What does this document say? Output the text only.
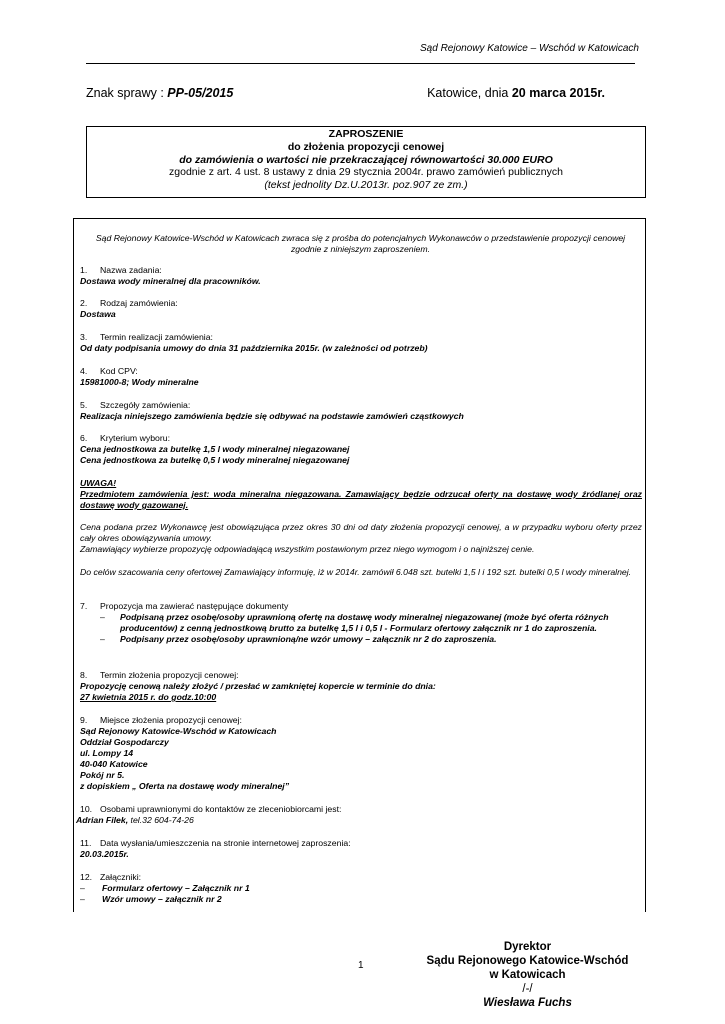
Sąd Rejonowy Katowice – Wschód w Katowicach
Znak sprawy : PP-05/2015	Katowice, dnia 20 marca 2015r.
ZAPROSZENIE
do złożenia propozycji cenowej
do zamówienia o wartości nie przekraczającej równowartości 30.000 EURO
zgodnie z art. 4 ust. 8 ustawy z dnia 29 stycznia 2004r. prawo zamówień publicznych
(tekst jednolity Dz.U.2013r. poz.907 ze zm.)
Sąd Rejonowy Katowice-Wschód w Katowicach zwraca się z prośba do potencjalnych Wykonawców o przedstawienie propozycji cenowej zgodnie z niniejszym zaproszeniem.
1. Nazwa zadania:
Dostawa wody mineralnej dla pracowników.
2. Rodzaj zamówienia:
Dostawa
3. Termin realizacji zamówienia:
Od daty podpisania umowy do dnia 31 października 2015r. (w zależności od potrzeb)
4. Kod CPV:
15981000-8; Wody mineralne
5. Szczegóły zamówienia:
Realizacja niniejszego zamówienia będzie się odbywać na podstawie zamówień cząstkowych
6. Kryterium wyboru:
Cena jednostkowa za butelkę 1,5 l wody mineralnej niegazowanej
Cena jednostkowa za butelkę 0,5 l wody mineralnej niegazowanej
UWAGA!
Przedmiotem zamówienia jest: woda mineralna niegazowana. Zamawiający będzie odrzucał oferty na dostawę wody źródlanej oraz dostawę wody gazowanej.
Cena podana przez Wykonawcę jest obowiązująca przez okres 30 dni od daty złożenia propozycji cenowej, a w przypadku wyboru oferty przez cały okres obowiązywania umowy.
Zamawiający wybierze propozycję odpowiadającą wszystkim postawionym przez niego wymogom i o najniższej cenie.
Do celów szacowania ceny ofertowej Zamawiający informuję, iż w 2014r. zamówił 6.048 szt. butelki 1,5 l i 192 szt. butelki 0,5 l wody mineralnej.
7. Propozycja ma zawierać następujące dokumenty
–	Podpisaną przez osobę/osoby uprawnioną ofertę na dostawę wody mineralnej niegazowanej (może być oferta różnych producentów) z cenną jednostkową brutto za butelkę 1,5 l i 0,5 l - Formularz ofertowy załącznik nr 1 do zaproszenia.
–	Podpisany przez osobę/osoby uprawnioną/ne wzór umowy – załącznik nr 2 do zaproszenia.
8. Termin złożenia propozycji cenowej:
Propozycję cenową należy złożyć / przesłać w zamkniętej kopercie w terminie do dnia:
27 kwietnia 2015 r. do godz.10:00
9. Miejsce złożenia propozycji cenowej:
Sąd Rejonowy Katowice-Wschód w Katowicach
Oddział Gospodarczy
ul. Lompy 14
40-040 Katowice
Pokój nr 5.
z dopiskiem „ Oferta na dostawę wody mineralnej”
10. Osobami uprawnionymi do kontaktów ze zleceniobiorcami jest:
Adrian Filek, tel.32 604-74-26
11. Data wysłania/umieszczenia na stronie internetowej zaproszenia:
20.03.2015r.
12. Załączniki:
– Formularz ofertowy – Załącznik nr 1
– Wzór umowy – załącznik nr 2
1
Dyrektor
Sądu Rejonowego Katowice-Wschód
w Katowicach
/-/
Wiesława Fuchs
